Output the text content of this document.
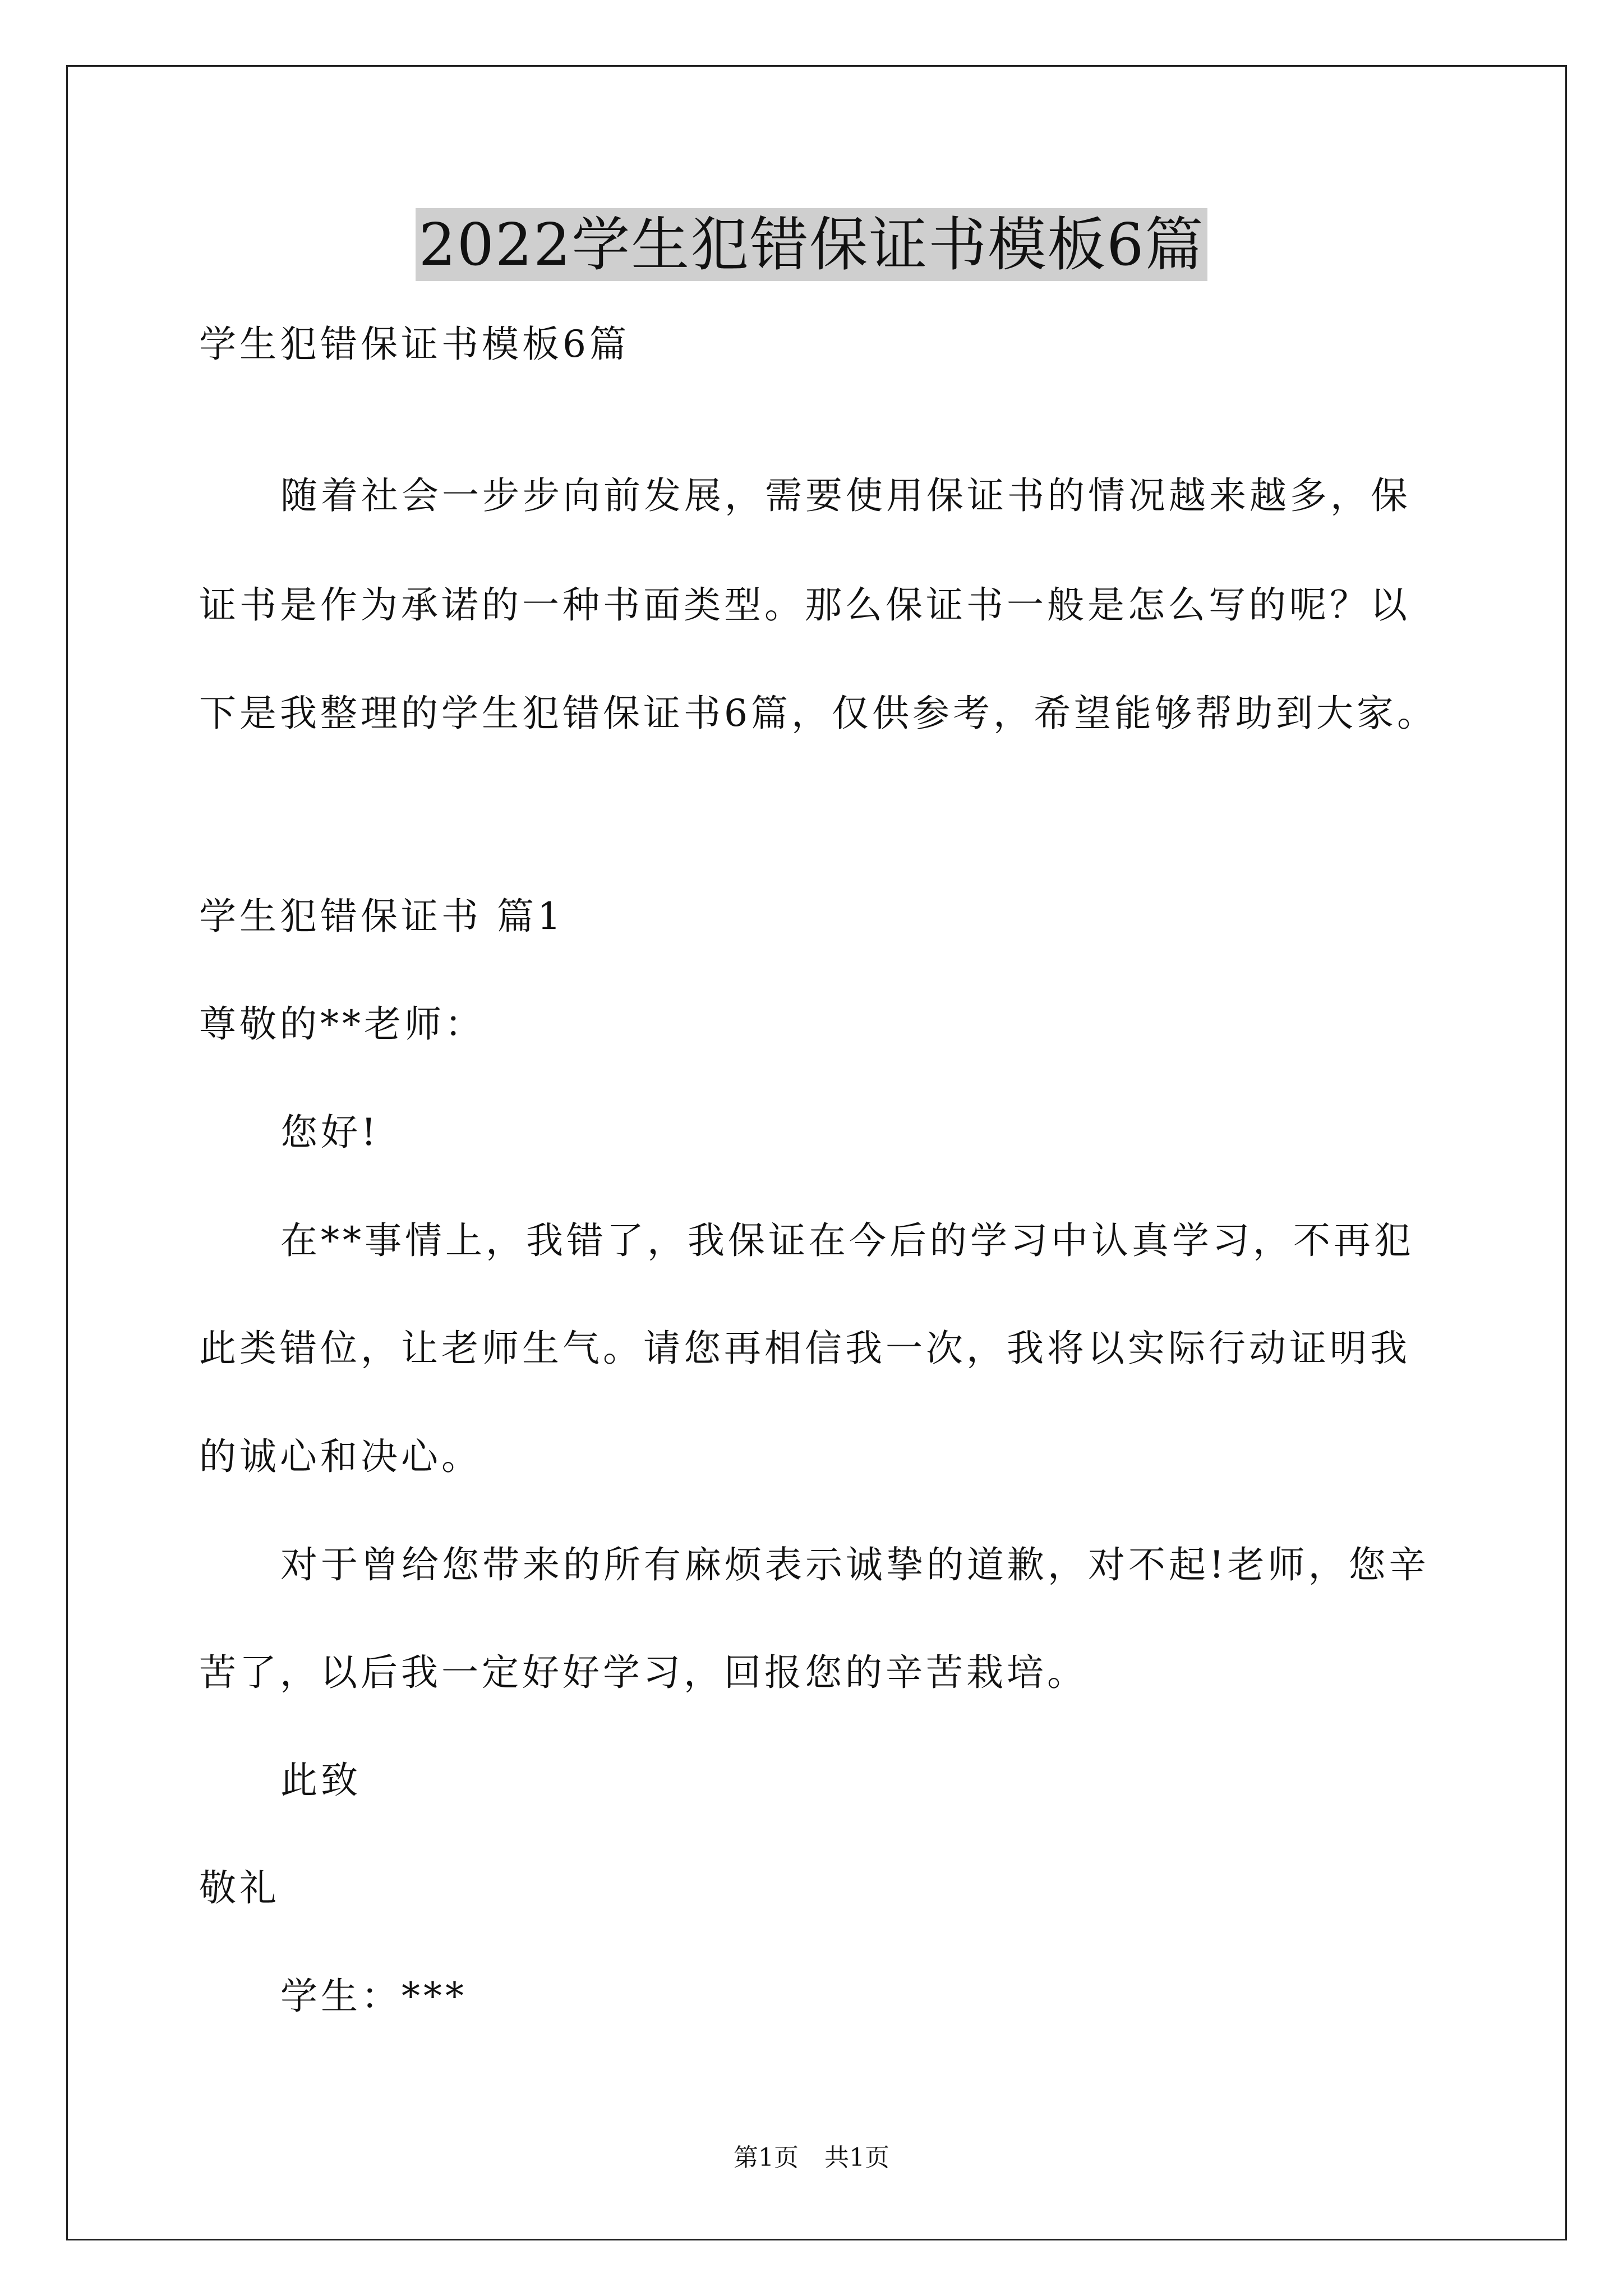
2022学生犯错保证书模板6篇
学生犯错保证书模板6篇
随着社会一步步向前发展，需要使用保证书的情况越来越多，保
证书是作为承诺的一种书面类型。那么保证书一般是怎么写的呢？以
下是我整理的学生犯错保证书6篇，仅供参考，希望能够帮助到大家。
学生犯错保证书 篇1
尊敬的**老师：
您好!
在**事情上，我错了，我保证在今后的学习中认真学习，不再犯
此类错位，让老师生气。请您再相信我一次，我将以实际行动证明我
的诚心和决心。
对于曾给您带来的所有麻烦表示诚挚的道歉，对不起!老师，您辛
苦了，以后我一定好好学习，回报您的辛苦栽培。
此致
敬礼
学生：***
第1页 共1页
